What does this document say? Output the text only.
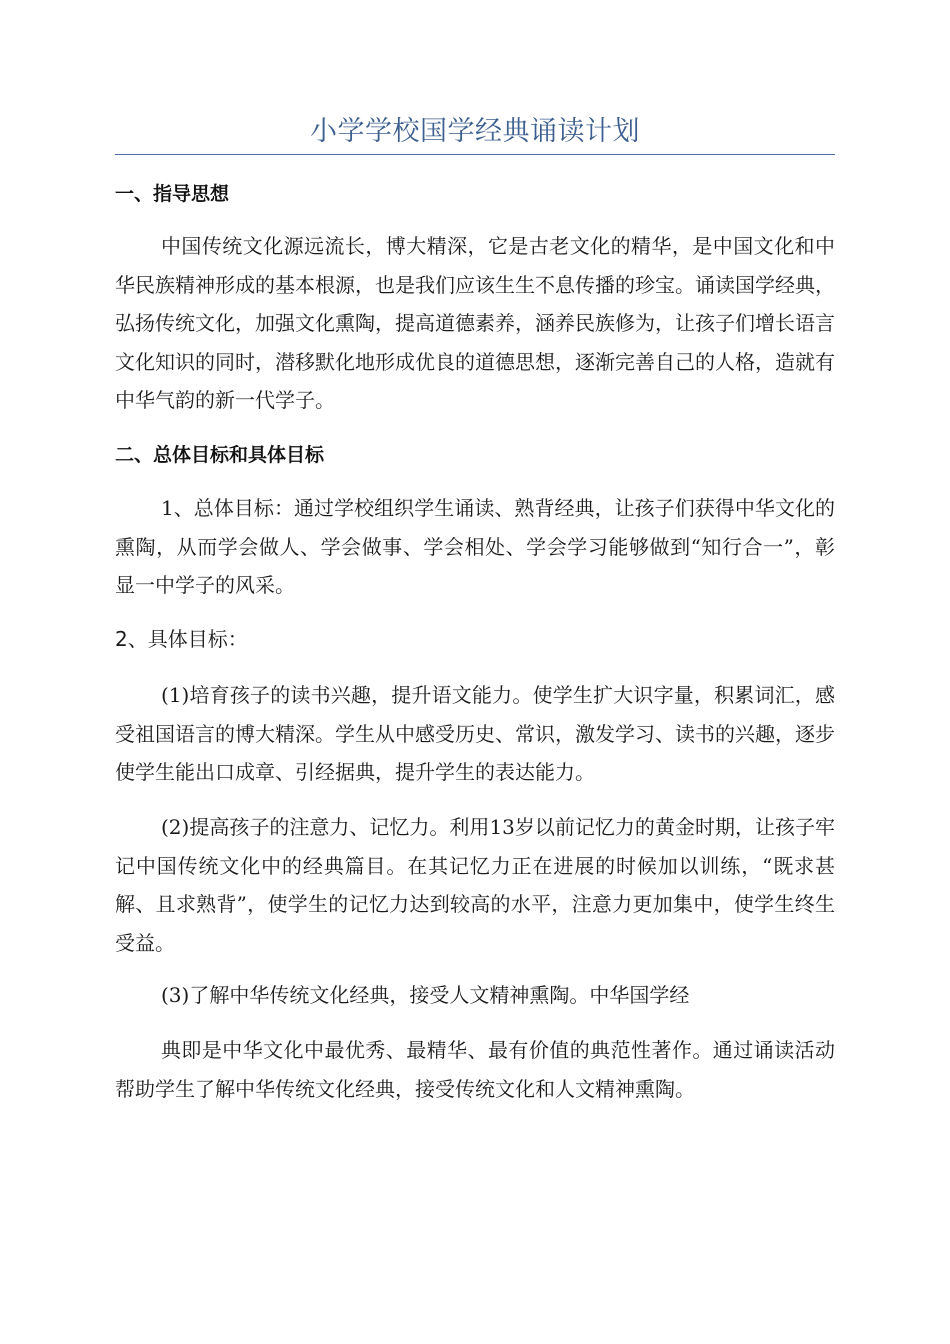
小学学校国学经典诵读计划
一、指导思想

中国传统文化源远流长，博大精深，它是古老文化的精华，是中国文化和中华民族精神形成的基本根源，也是我们应该生生不息传播的珍宝。诵读国学经典，弘扬传统文化，加强文化熏陶，提高道德素养，涵养民族修为，让孩子们增长语言文化知识的同时，潜移默化地形成优良的道德思想，逐渐完善自己的人格，造就有中华气韵的新一代学子。

二、总体目标和具体目标

1、总体目标：通过学校组织学生诵读、熟背经典，让孩子们获得中华文化的熏陶，从而学会做人、学会做事、学会相处、学会学习能够做到“知行合一”，彰显一中学子的风采。

2、具体目标：

(1)培育孩子的读书兴趣，提升语文能力。使学生扩大识字量，积累词汇，感受祖国语言的博大精深。学生从中感受历史、常识，激发学习、读书的兴趣，逐步使学生能出口成章、引经据典，提升学生的表达能力。

(2)提高孩子的注意力、记忆力。利用13岁以前记忆力的黄金时期，让孩子牢记中国传统文化中的经典篇目。在其记忆力正在进展的时候加以训练，“既求甚解、且求熟背”，使学生的记忆力达到较高的水平，注意力更加集中，使学生终生受益。

(3)了解中华传统文化经典，接受人文精神熏陶。中华国学经

典即是中华文化中最优秀、最精华、最有价值的典范性著作。通过诵读活动帮助学生了解中华传统文化经典，接受传统文化和人文精神熏陶。
